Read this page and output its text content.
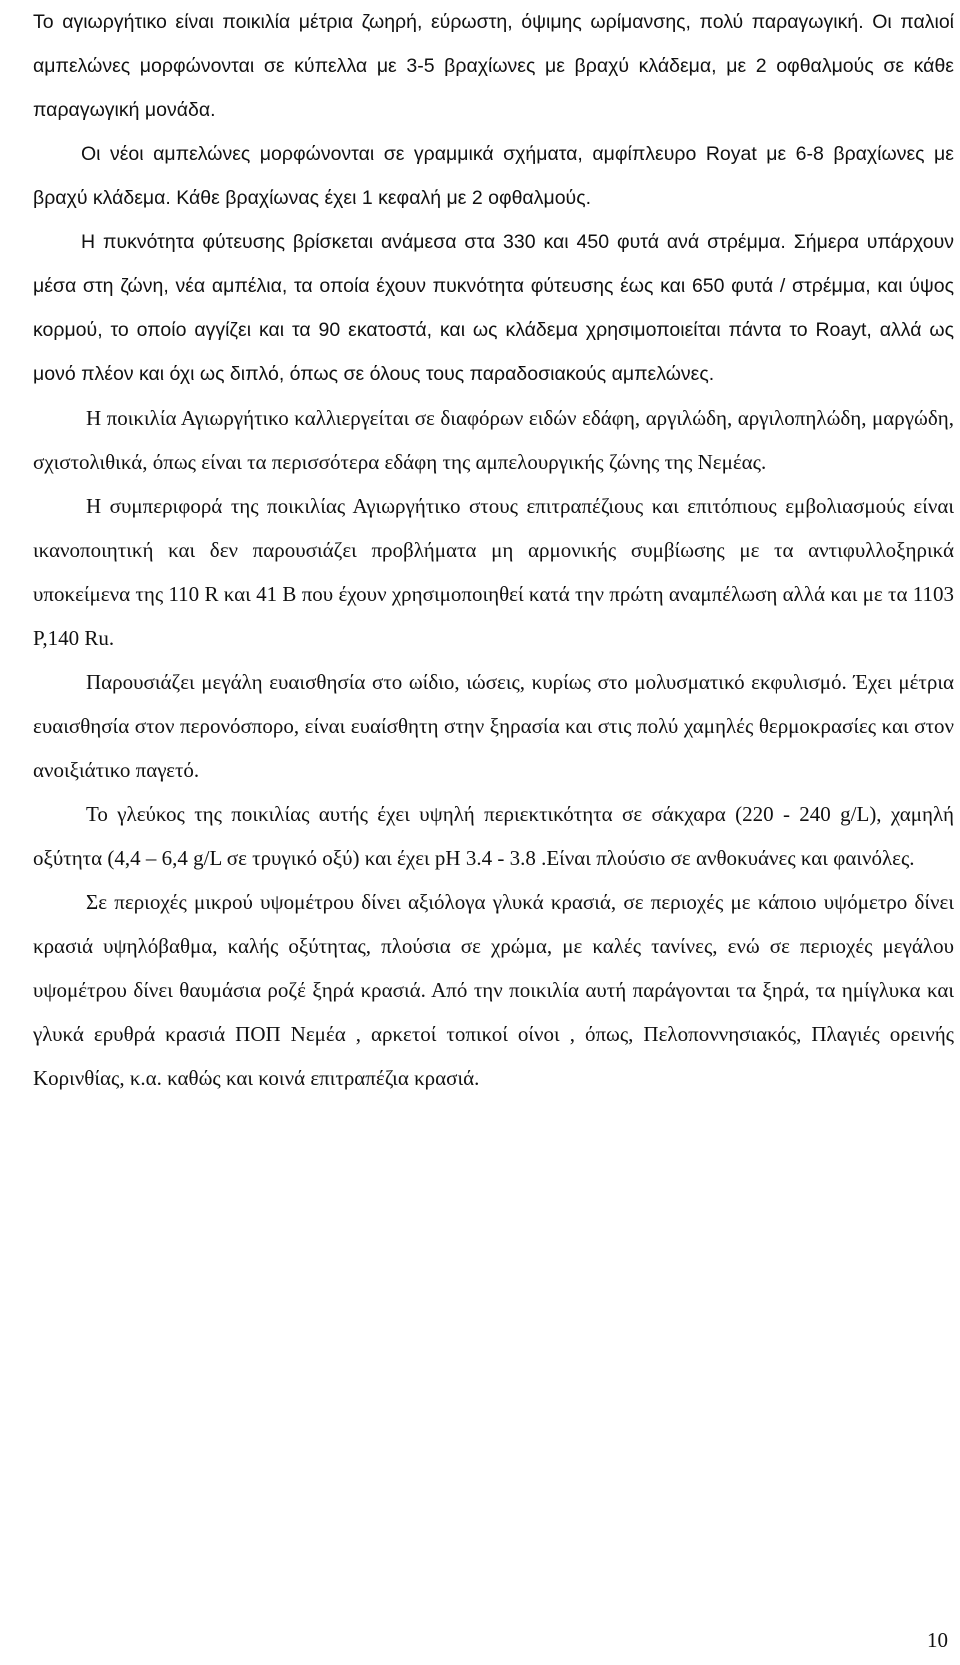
Το αγιωργήτικο είναι ποικιλία μέτρια ζωηρή, εύρωστη, όψιμης ωρίμανσης, πολύ παραγωγική. Οι παλιοί αμπελώνες μορφώνονται σε κύπελλα με 3-5 βραχίωνες με βραχύ κλάδεμα, με 2 οφθαλμούς σε κάθε παραγωγική μονάδα.

Οι νέοι αμπελώνες μορφώνονται σε γραμμικά σχήματα, αμφίπλευρο Royat με 6-8 βραχίωνες με βραχύ κλάδεμα. Κάθε βραχίωνας έχει 1 κεφαλή με 2 οφθαλμούς.

Η πυκνότητα φύτευσης βρίσκεται ανάμεσα στα 330 και 450 φυτά ανά στρέμμα. Σήμερα υπάρχουν μέσα στη ζώνη, νέα αμπέλια, τα οποία έχουν πυκνότητα φύτευσης έως και 650 φυτά / στρέμμα, και ύψος κορμού, το οποίο αγγίζει και τα 90 εκατοστά, και ως κλάδεμα χρησιμοποιείται πάντα το Roayt, αλλά ως μονό πλέον και όχι ως διπλό, όπως σε όλους τους παραδοσιακούς αμπελώνες.

Η ποικιλία Αγιωργήτικο καλλιεργείται σε διαφόρων ειδών εδάφη, αργιλώδη, αργιλοπηλώδη, μαργώδη, σχιστολιθικά, όπως είναι τα περισσότερα εδάφη της αμπελουργικής ζώνης της Νεμέας.

Η συμπεριφορά της ποικιλίας Αγιωργήτικο στους επιτραπέζιους και επιτόπιους εμβολιασμούς είναι ικανοποιητική και δεν παρουσιάζει προβλήματα μη αρμονικής συμβίωσης με τα αντιφυλλοξηρικά υποκείμενα της 110 R και 41 B που έχουν χρησιμοποιηθεί κατά την πρώτη αναμπέλωση αλλά και με τα 1103 P,140 Ru.

Παρουσιάζει μεγάλη ευαισθησία στο ωίδιο, ιώσεις, κυρίως στο μολυσματικό εκφυλισμό. Έχει μέτρια ευαισθησία στον περονόσπορο, είναι ευαίσθητη στην ξηρασία και στις πολύ χαμηλές θερμοκρασίες και στον ανοιξιάτικο παγετό.

Το γλεύκος της ποικιλίας αυτής έχει υψηλή περιεκτικότητα σε σάκχαρα (220 - 240 g/L), χαμηλή οξύτητα (4,4 – 6,4 g/L σε τρυγικό οξύ) και έχει pH 3.4 - 3.8 .Είναι πλούσιο σε ανθοκυάνες και φαινόλες.

Σε περιοχές μικρού υψομέτρου δίνει αξιόλογα γλυκά κρασιά, σε περιοχές με κάποιο υψόμετρο δίνει κρασιά υψηλόβαθμα, καλής οξύτητας, πλούσια σε χρώμα, με καλές τανίνες, ενώ σε περιοχές μεγάλου υψομέτρου δίνει θαυμάσια ροζέ ξηρά κρασιά. Από την ποικιλία αυτή παράγονται τα ξηρά, τα ημίγλυκα και γλυκά ερυθρά κρασιά ΠΟΠ Νεμέα , αρκετοί τοπικοί οίνοι , όπως, Πελοποννησιακός, Πλαγιές ορεινής Κορινθίας, κ.α. καθώς και κοινά επιτραπέζια κρασιά.

10
